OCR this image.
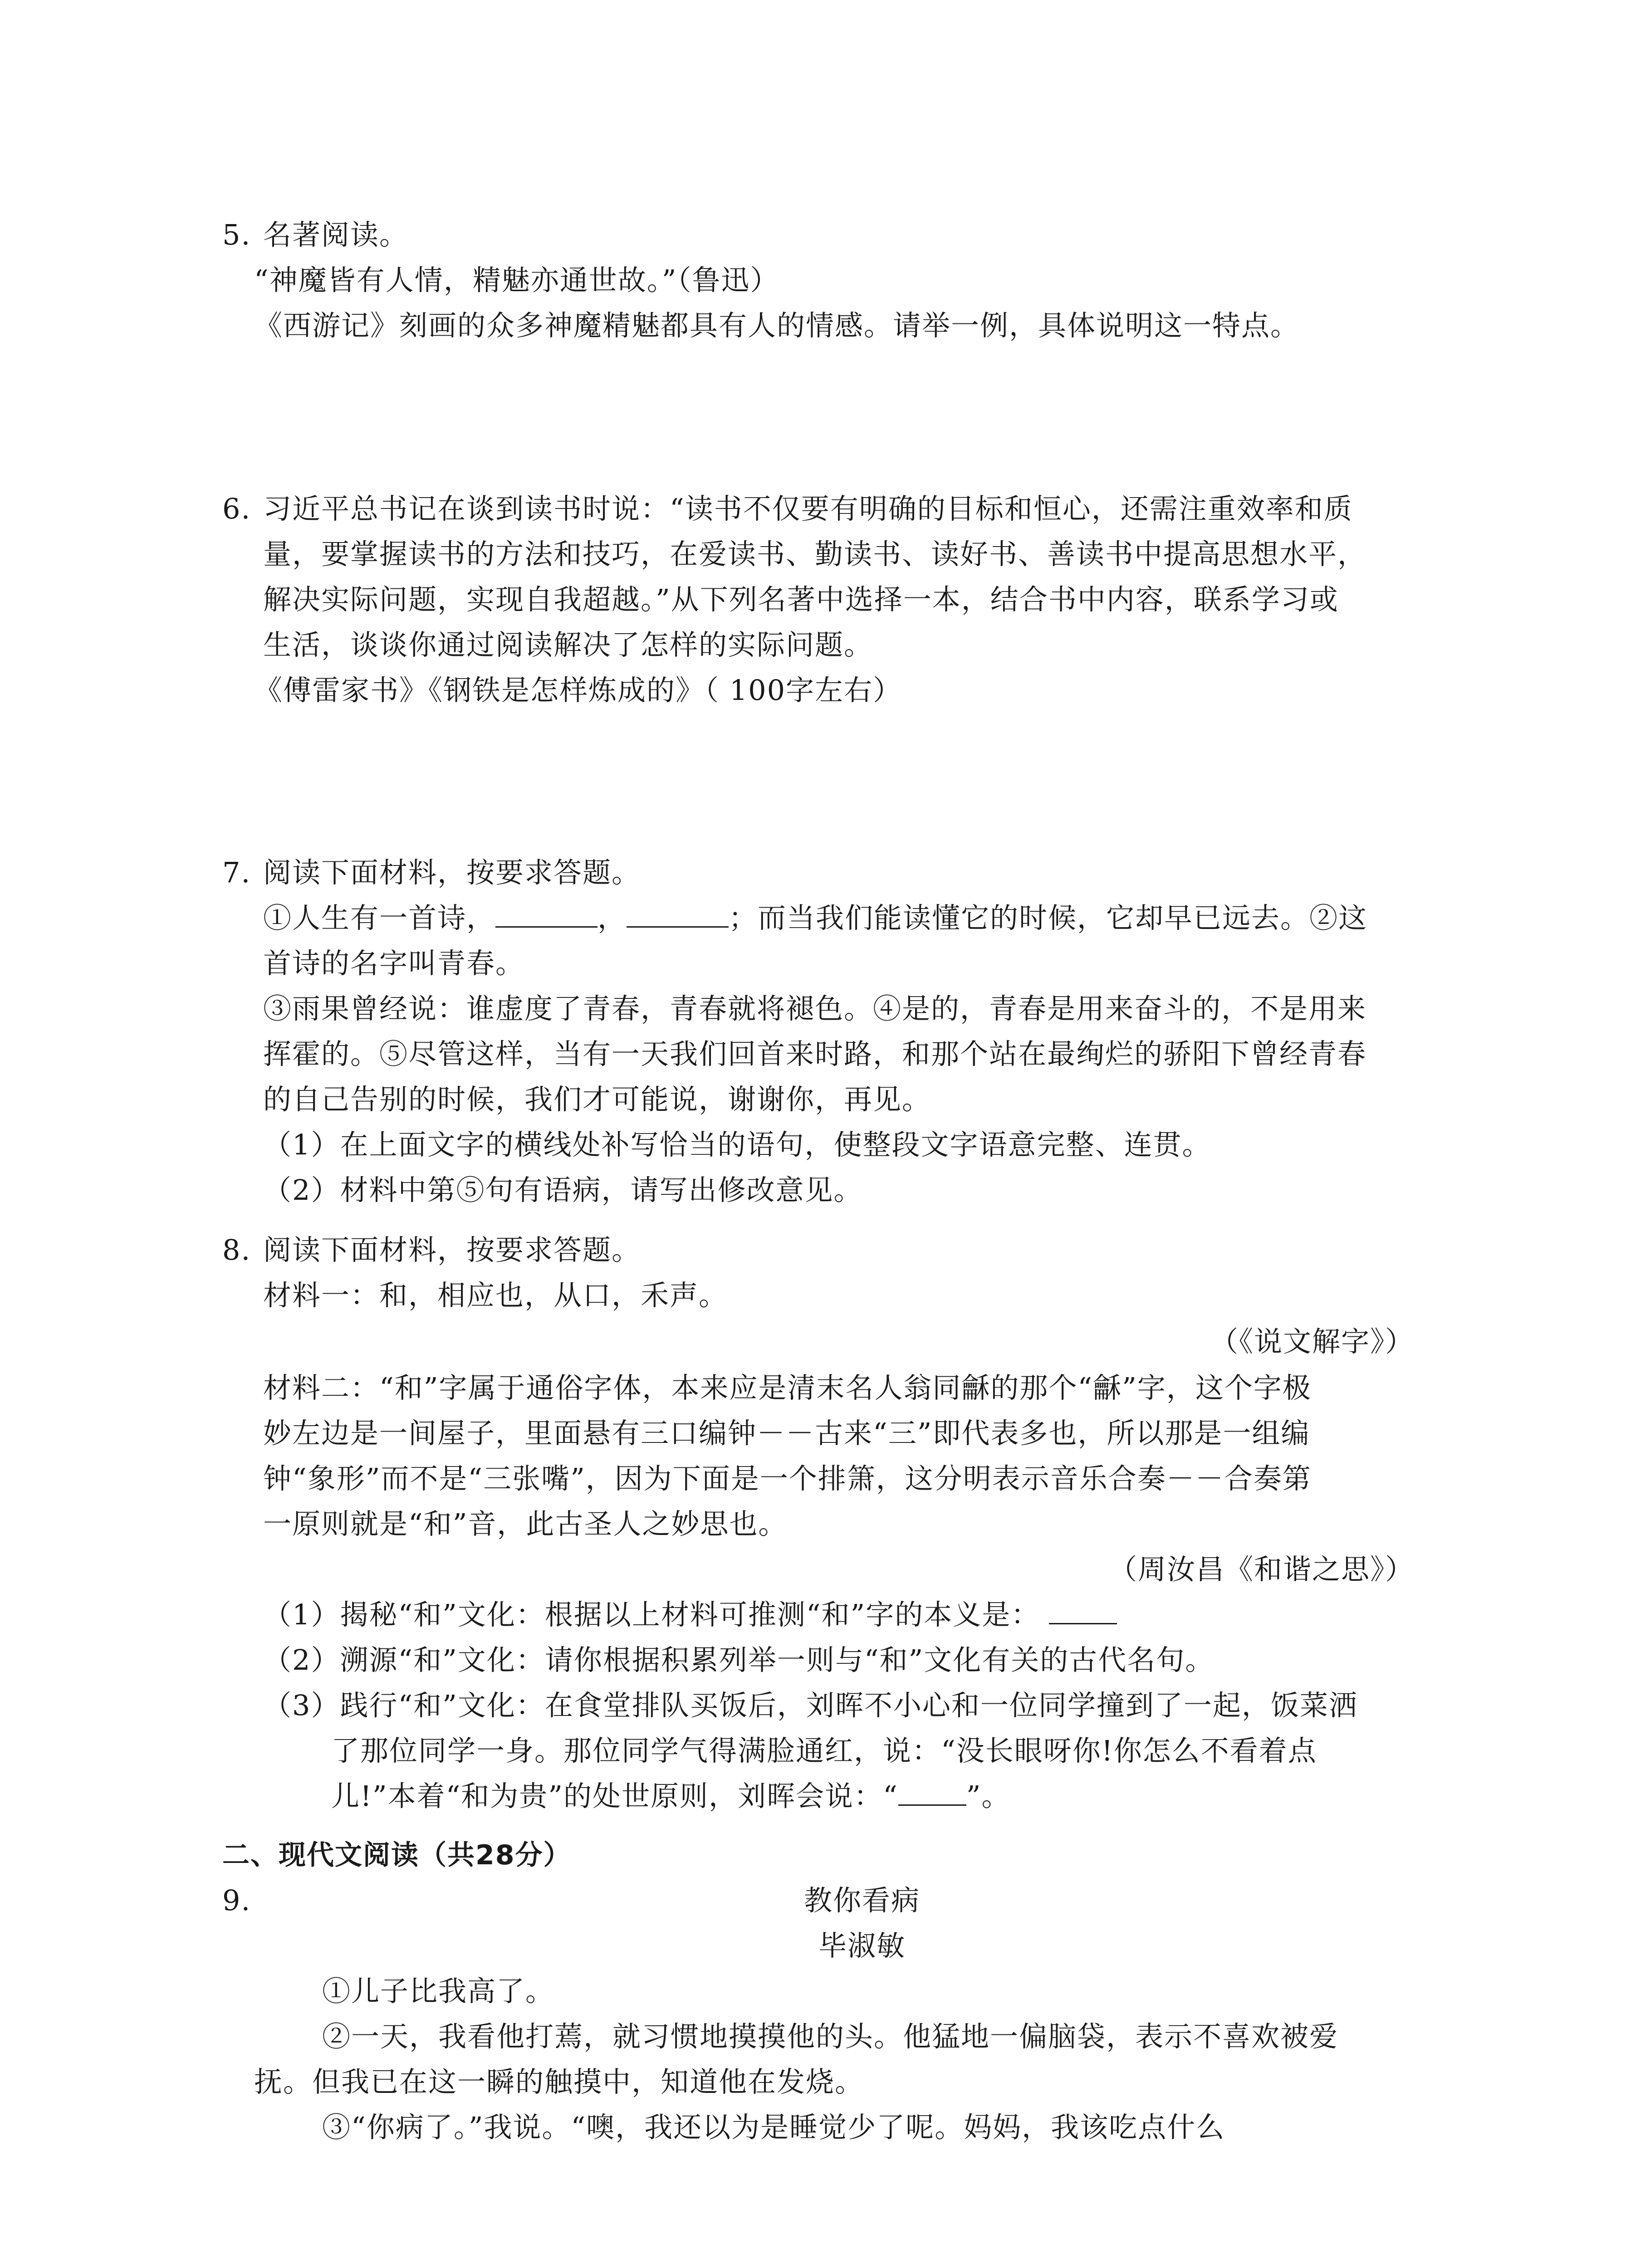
5. 名著阅读。
“神魔皆有人情，精魅亦通世故。”（鲁迅）
《西游记》刻画的众多神魔精魅都具有人的情感。请举一例，具体说明这一特点。
6. 习近平总书记在谈到读书时说：“读书不仅要有明确的目标和恒心，还需注重效率和质
量，要掌握读书的方法和技巧，在爱读书、勤读书、读好书、善读书中提高思想水平，
解决实际问题，实现自我超越。”从下列名著中选择一本，结合书中内容，联系学习或
生活，谈谈你通过阅读解决了怎样的实际问题。
《傅雷家书》《钢铁是怎样炼成的》（ 100字左右）
7. 阅读下面材料，按要求答题。
①人生有一首诗，	，	；而当我们能读懂它的时候，它却早已远去。②这
首诗的名字叫青春。
③雨果曾经说：谁虚度了青春，青春就将褪色。④是的，青春是用来奋斗的，不是用来
挥霍的。⑤尽管这样，当有一天我们回首来时路，和那个站在最绚烂的骄阳下曾经青春
的自己告别的时候，我们才可能说，谢谢你，再见。
（1）在上面文字的横线处补写恰当的语句，使整段文字语意完整、连贯。
（2）材料中第⑤句有语病，请写出修改意见。
8. 阅读下面材料，按要求答题。
材料一：和，相应也，从口，禾声。
（《说文解字》）
材料二：“和”字属于通俗字体，本来应是清末名人翁同龢的那个“龢”字，这个字极
妙左边是一间屋子，里面悬有三口编钟－－古来“三”即代表多也，所以那是一组编
钟“象形”而不是“三张嘴”，因为下面是一个排箫，这分明表示音乐合奏－－合奏第
一原则就是“和”音，此古圣人之妙思也。
（周汝昌《和谐之思》）
（1）揭秘“和”文化：根据以上材料可推测“和”字的本义是：
（2）溯源“和”文化：请你根据积累列举一则与“和”文化有关的古代名句。
（3）践行“和”文化：在食堂排队买饭后，刘晖不小心和一位同学撞到了一起，饭菜洒
了那位同学一身。那位同学气得满脸通红，说：“没长眼呀你!你怎么不看着点
儿!”本着“和为贵”的处世原则，刘晖会说：“ ”。
二、现代文阅读（共28分）
9.	教你看病
毕淑敏
①儿子比我高了。
②一天，我看他打蔫，就习惯地摸摸他的头。他猛地一偏脑袋，表示不喜欢被爱
抚。但我已在这一瞬的触摸中，知道他在发烧。
③“你病了。”我说。“噢，我还以为是睡觉少了呢。妈妈，我该吃点什么
